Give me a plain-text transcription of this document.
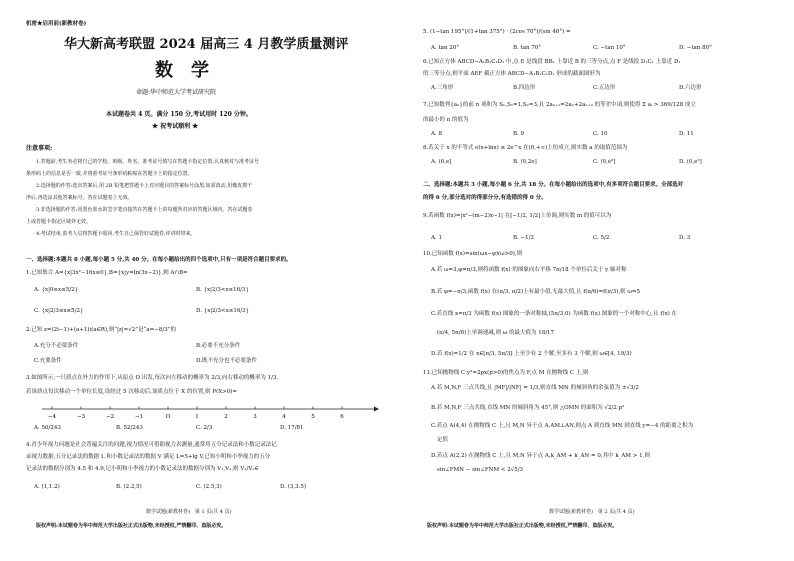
机密★启用前(新教材卷)
华大新高考联盟 2024 届高三 4 月教学质量测评
数　学
命题:华中师范大学考试研究院
本试题卷共 4 页。满分 150 分,考试用时 120 分钟。
★ 祝考试顺利 ★
注意事项:
1.答题前,考生务必将自己的学校、班级、姓名、准考证号填写在答题卡指定位置,认真核对与准考证号
条形码上的信息是否一致,并将准考证号条形码粘贴在答题卡上的指定位置。
2.选择题的作答:选出答案后,用 2B 铅笔把答题卡上对应题目的答案标号涂黑,如需改动,用橡皮擦干
净后,再选涂其他答案标号。答在试题卷上无效。
3.非选择题的作答:用黑色墨水的签字笔直接答在答题卡上的每题所对应的答题区域内。答在试题卷
上或答题卡指定区域外无效。
4.考试结束,监考人员将答题卡收回,考生自己保管好试题卷,评讲时带来。
一、选择题:本题共 8 小题,每小题 5 分,共 40 分。在每小题给出的四个选项中,只有一项是符合题目要求的。
1.已知集合 A={x|3x²−16x≤0},B={x|y=ln(3x−2)},则 A∩B=
A. {x|0≤x≤5/2}	B. {x|2/3<x≤16/3}
C. {x|2/3≤x≤5/2}	D. {x|2/3<x≤16/3}
2.已知 z=(2i−1)+(a+1)i(a∈R),则“|z|=√2”是“a=−8/3”的
A.充分不必要条件	B.必要不充分条件
C.充要条件	D.既不充分也不必要条件
3.如图所示,一只质点在外力的作用下,从原点 O 出发,每次向左移动的概率为 2/3,向右移动的概率为 1/3。
若该质点每次移动一个单位长度,设经过 5 次移动后,该质点位于 X 的位置,则 P(X>0)=
−4	−3	−2	−1	O	1	2	3	4	5	6
A. 50/243	B. 52/243	C. 2/3	D. 17/81
4.青少年视力问题是社会普遍关注的问题,视力情况可借助视力表测量,通常用五分记录法和小数记录法记
录视力数据,五分记录法的数据 L 和小数记录法的数据 V 满足 L=5+lg V,已知小明和小李视力的五分
记录法的数据分别为 4.5 和 4.9,记小明和小李视力的小数记录法的数据分别为 V₁,V₂,则 V₁/V₂∈
A. (1,1.2)	B. (2.2,5)	C. (2.5,3)	D. (3,3.5)
数学试题(新教材卷)　第 1 页(共 4 页)
版权声明:本试题卷为华中师范大学出版社正式出版物,未经授权,严禁翻印、盗版必究。
5. (1−tan 195°)/(1+tan 375°) · (2cos 70°)/(sin 40°) =
A. tan 20°	B. tan 70°	C. −tan 10°	D. −tan 80°
6.已知正方体 ABCD−A₁B₁C₁D₁ 中,点 E 是线段 BB₁ 上靠近 B 的三等分点,点 F 是线段 D₁C₁ 上靠近 D₁
的三等分点,则平面 AEF 截正方体 ABCD−A₁B₁C₁D₁ 形成的截面图形为
A.三角形	B.四边形	C.五边形	D.六边形
7.已知数列{aₙ}的前 n 项和为 Sₙ,S₁=1,S₂=3,且 2aₙ₊₁=2aₙ+2aₙ₊₂ 的等差中项,则使得 Σ aᵢ > 369/128 成立
的最小的 n 的值为
A. 8	B. 9	C. 10	D. 11
8.若关于 x 的不等式 e(x+lnx) ≤ 2e^x 在(0,+∞)上恒成立,则实数 a 的取值范围为
A. (0,e]	B. (0,2e]	C. (0,e²]	D. (0,e³]
二、选择题:本题共 3 小题,每小题 6 分,共 18 分。在每小题给出的选项中,有多项符合题目要求。全部选对
的得 6 分,部分选对的得部分分,有选错的得 0 分。
9.若函数 f(x)=|x²−(m−2)x−1| 在[−1/2, 1/2]上单调,则实数 m 的值可以为
A. 1	B. −1/2	C. 5/2	D. 3
10.已知函数 f(x)=sin(ωx−φ)(ω>0),则
A.若 ω=3,φ=π/3,则将函数 f(x) 的图象向右平移 7π/18 个单位后关于 y 轴对称
B.若 φ=−π/3,函数 f(x) 在(π/3, π/2)上有最小值,无最大值,且 f(π/6)=f(π/3),则 ω=5
C.若直线 x=π/3 为函数 f(x) 图象的一条对称轴,(5π/3,0) 为函数 f(x) 图象的一个对称中心,且 f(x) 在
(π/4, 5π/6)上单调递减,则 ω 的最大值为 18/17
D.若 f(x)=1/2 在 x∈[π/3, 5π/3] 上至少有 2 个解,至多有 3 个解,则 ω∈[4, 19/3)
11.已知抛物线 C:y²=2px(p>0)的焦点为 F,点 M 在抛物线 C 上,则
A.若 M,N,F 三点共线,且 |MF|/|NF| = 1/3,则直线 MN 的倾斜角的余弦值为 ±√3/2
B.若 M,N,F 三点共线,直线 MN 的倾斜角为 45°,则 △OMN 的面积为 √2/2 p²
C.若点 A(4,4) 在抛物线 C 上,且 M,N 异于点 A,AM⊥AN,则点 A 到直线 MN 到直线 y=−4 的距离之积为
定值
D.若点 A(2,2) 在抛物线 C 上,且 M,N 异于点 A,k_AM + k_AN = 0,其中 k_AM > 1,则
sin∠FMN − sin∠FNM < 2√5/3
数学试题(新教材卷)　第 2 页(共 4 页)
版权声明:本试题卷为华中师范大学出版社正式出版物,未经授权,严禁翻印、盗版必究。
